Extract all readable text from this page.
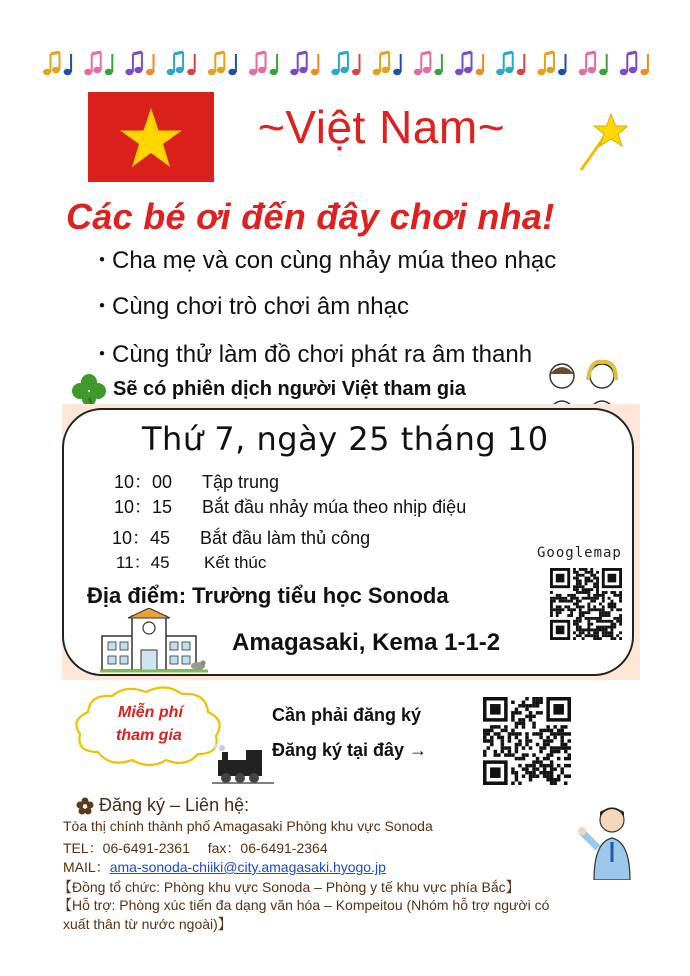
~Việt Nam~
Các bé ơi đến đây chơi nha!
・Cha mẹ và con cùng nhảy múa theo nhạc
・Cùng chơi trò chơi âm nhạc
・Cùng thử làm đồ chơi phát ra âm thanh
Sẽ có phiên dịch người Việt tham gia
Thứ 7, ngày 25 tháng 10
10：00 Tập trung
10：15 Bắt đầu nhảy múa theo nhịp điệu
10：45 Bắt đầu làm thủ công
11：45 Kết thúc	Googlemap
Địa điểm: Trường tiểu học Sonoda
Amagasaki, Kema 1-1-2
Miễn phí
tham gia
Cần phải đăng ký
Đăng ký tại đây →
Đăng ký – Liên hệ:
Tòa thị chính thành phố Amagasaki Phòng khu vực Sonoda
TEL：06-6491-2361　 fax：06-6491-2364
MAIL：ama-sonoda-chiiki@city.amagasaki.hyogo.jp
【Đồng tổ chức: Phòng khu vực Sonoda – Phòng y tế khu vực phía Bắc】
【Hỗ trợ: Phòng xúc tiến đa dạng văn hóa – Kompeitou (Nhóm hỗ trợ người có
xuất thân từ nước ngoài)】
